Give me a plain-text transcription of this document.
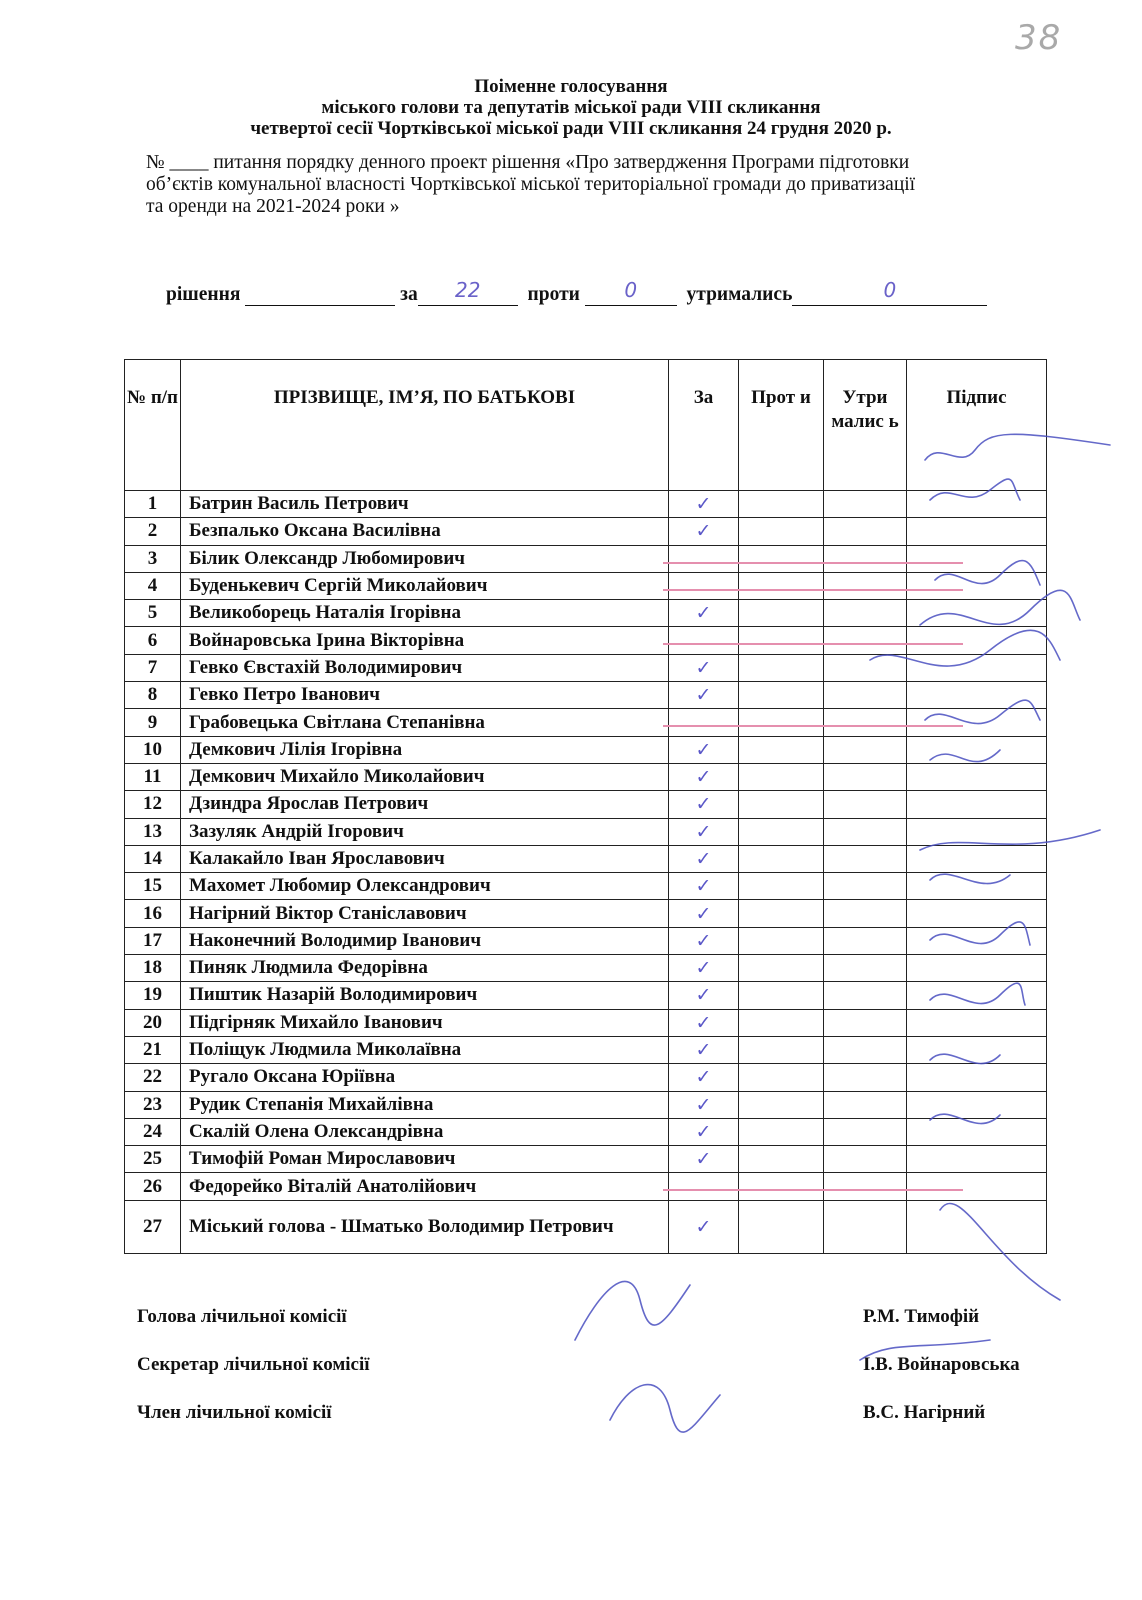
38
Поіменне голосування
міського голови та депутатів міської ради VIII скликання
четвертої сесії Чортківської міської ради VIII скликання 24 грудня 2020 р.
№ ____ питання порядку денного проект рішення «Про затвердження Програми підготовки
об’єктів комунальної власності Чортківської міської територіальної громади до приватизації
та оренди на 2021-2024 роки »
рішення	за	22	проти	0	утримались	0
№ п/п	ПРІЗВИЩЕ, ІМ’Я, ПО БАТЬКОВІ	За	Прот и	Утри малис ь	Підпис
1	Батрин Василь Петрович	✓			
2	Безпалько Оксана Василівна	✓			
3	Білик Олександр Любомирович				
4	Буденькевич Сергій Миколайович				
5	Великоборець Наталія Ігорівна	✓			
6	Войнаровська Ірина Вікторівна				
7	Гевко Євстахій Володимирович	✓			
8	Гевко Петро Іванович	✓			
9	Грабовецька Світлана Степанівна				
10	Демкович Лілія Ігорівна	✓			
11	Демкович Михайло Миколайович	✓			
12	Дзиндра Ярослав Петрович	✓			
13	Зазуляк Андрій Ігорович	✓			
14	Калакайло Іван Ярославович	✓			
15	Махомет Любомир Олександрович	✓			
16	Нагірний Віктор Станіславович	✓			
17	Наконечний Володимир Іванович	✓			
18	Пиняк Людмила Федорівна	✓			
19	Пиштик Назарій Володимирович	✓			
20	Підгірняк Михайло Іванович	✓			
21	Поліщук Людмила Миколаївна	✓			
22	Ругало Оксана Юріївна	✓			
23	Рудик Степанія Михайлівна	✓			
24	Скалій Олена Олександрівна	✓			
25	Тимофій Роман Мирославович	✓			
26	Федорейко Віталій Анатолійович				
27	Міський голова - Шматько Володимир Петрович	✓			
Голова лічильної комісії	Р.М. Тимофій
Секретар лічильної комісії	І.В. Войнаровська
Член лічильної комісії	В.С. Нагірний
